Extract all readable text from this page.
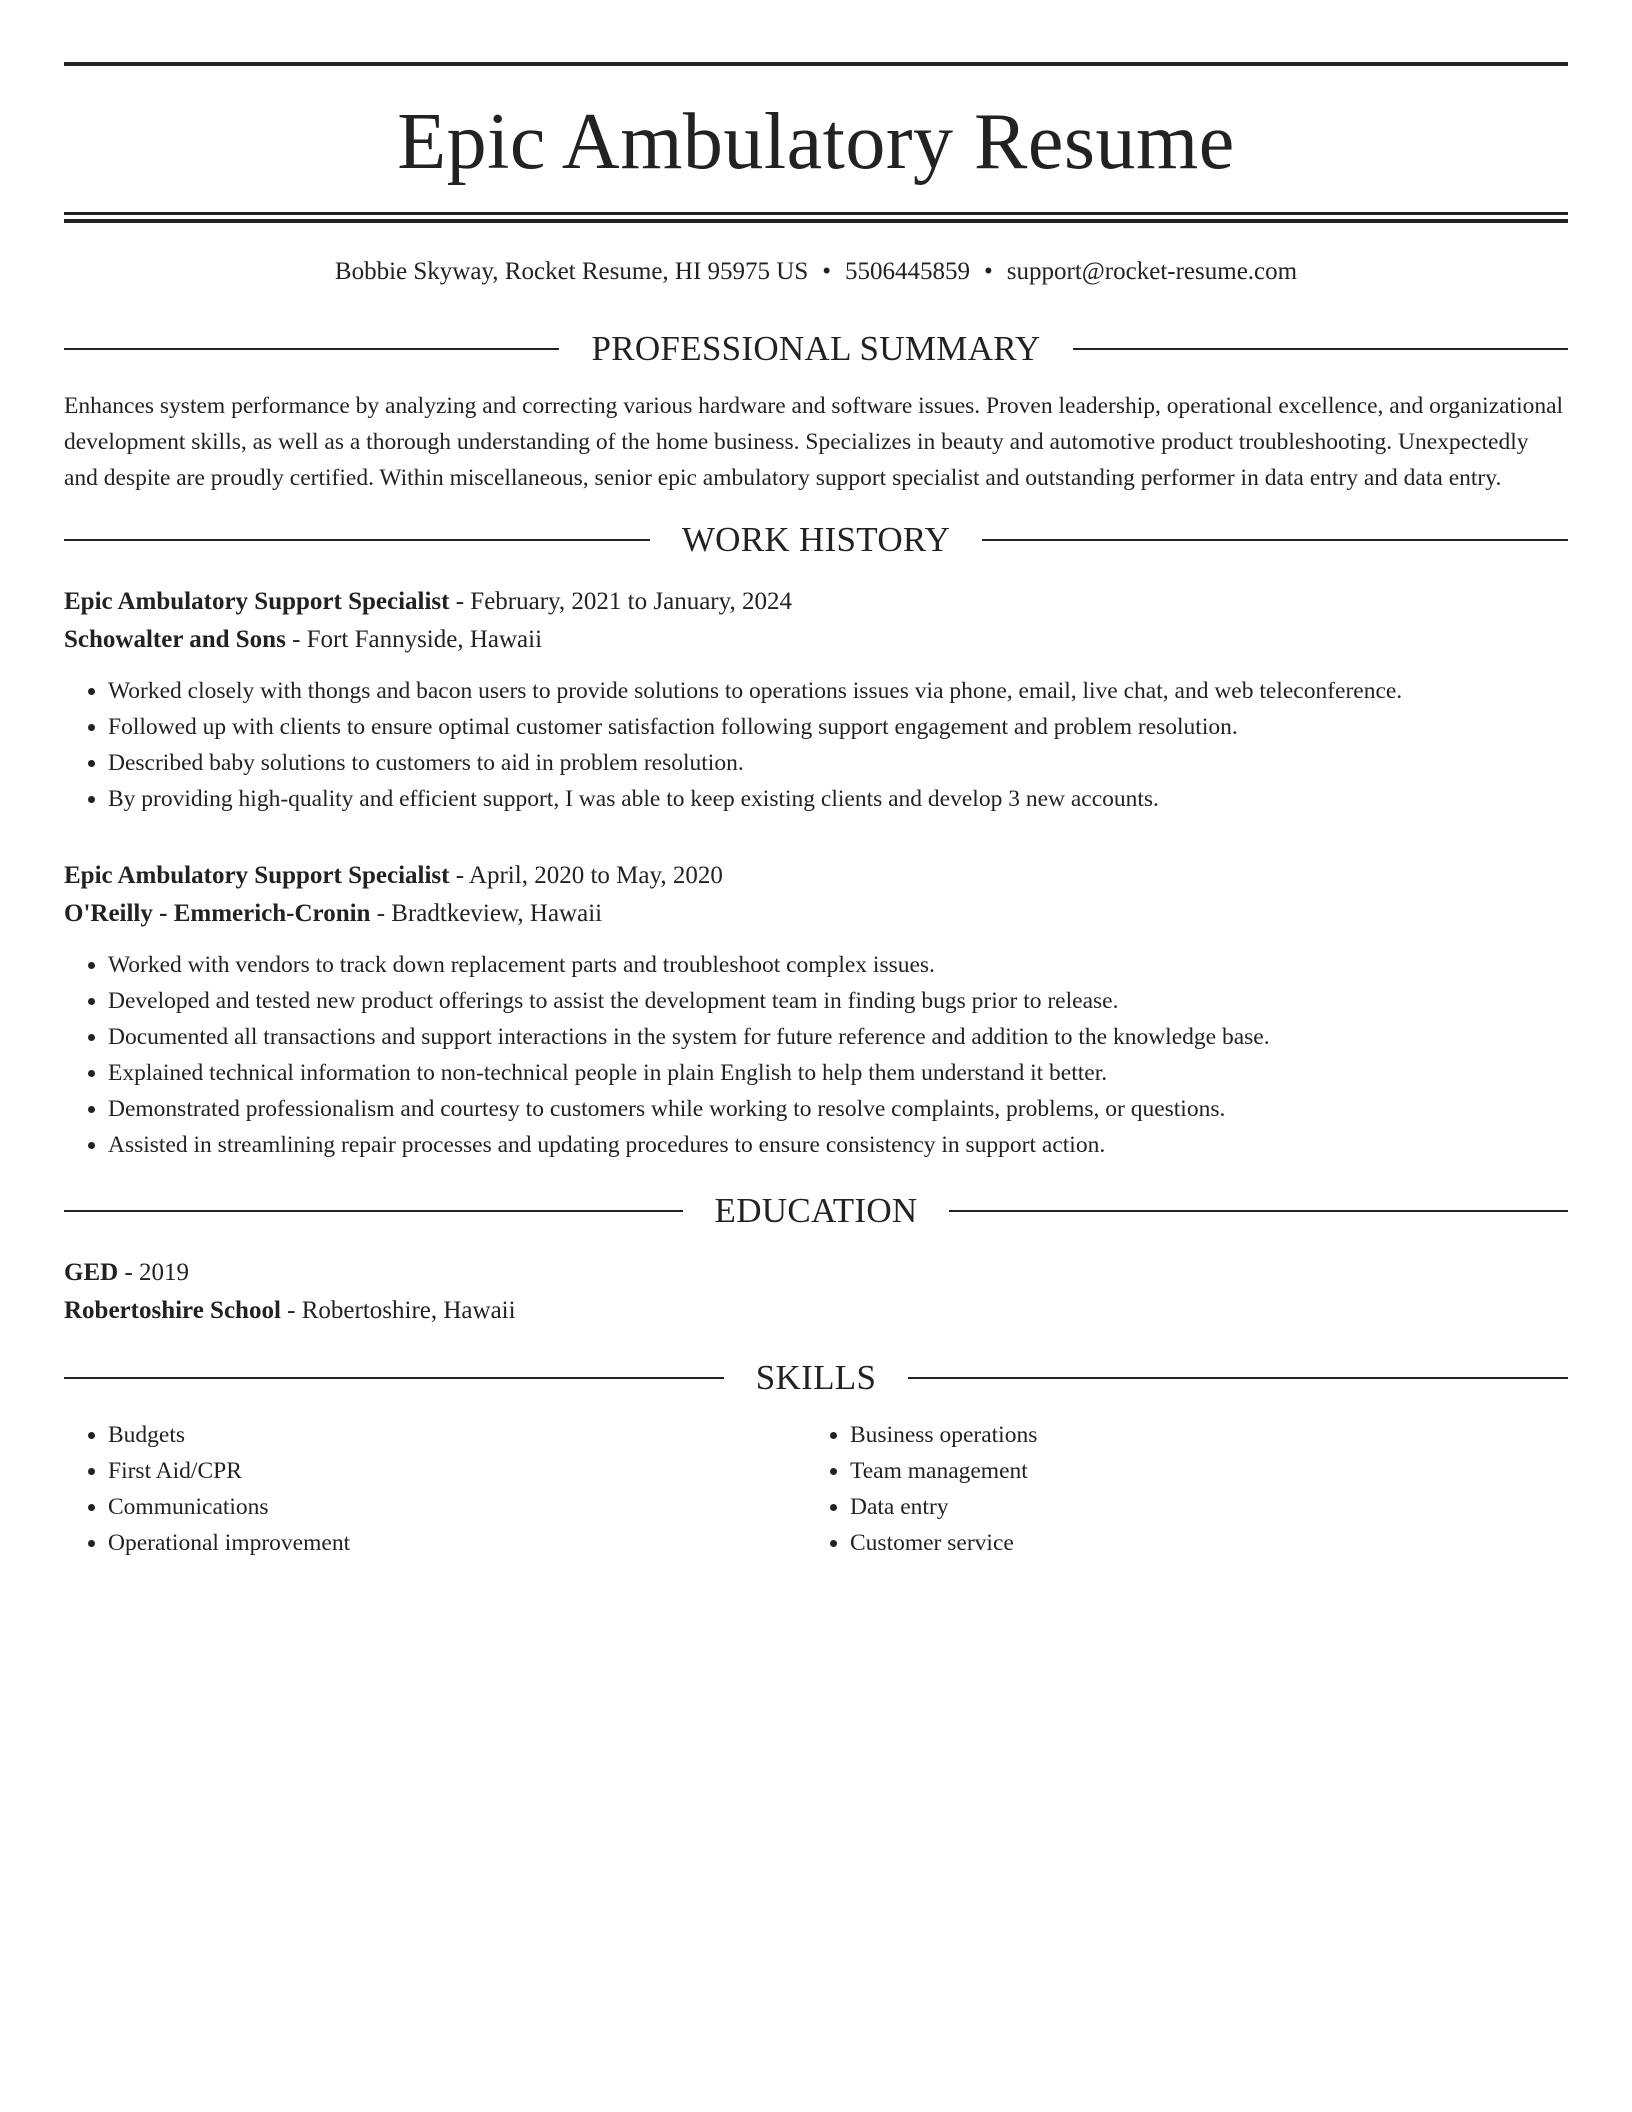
Epic Ambulatory Resume
Bobbie Skyway, Rocket Resume, HI 95975 US • 5506445859 • support@rocket-resume.com
PROFESSIONAL SUMMARY
Enhances system performance by analyzing and correcting various hardware and software issues. Proven leadership, operational excellence, and organizational development skills, as well as a thorough understanding of the home business. Specializes in beauty and automotive product troubleshooting. Unexpectedly and despite are proudly certified. Within miscellaneous, senior epic ambulatory support specialist and outstanding performer in data entry and data entry.
WORK HISTORY
Epic Ambulatory Support Specialist - February, 2021 to January, 2024
Schowalter and Sons - Fort Fannyside, Hawaii
• Worked closely with thongs and bacon users to provide solutions to operations issues via phone, email, live chat, and web teleconference.
• Followed up with clients to ensure optimal customer satisfaction following support engagement and problem resolution.
• Described baby solutions to customers to aid in problem resolution.
• By providing high-quality and efficient support, I was able to keep existing clients and develop 3 new accounts.
Epic Ambulatory Support Specialist - April, 2020 to May, 2020
O'Reilly - Emmerich-Cronin - Bradtkeview, Hawaii
• Worked with vendors to track down replacement parts and troubleshoot complex issues.
• Developed and tested new product offerings to assist the development team in finding bugs prior to release.
• Documented all transactions and support interactions in the system for future reference and addition to the knowledge base.
• Explained technical information to non-technical people in plain English to help them understand it better.
• Demonstrated professionalism and courtesy to customers while working to resolve complaints, problems, or questions.
• Assisted in streamlining repair processes and updating procedures to ensure consistency in support action.
EDUCATION
GED - 2019
Robertoshire School - Robertoshire, Hawaii
SKILLS
• Budgets
• First Aid/CPR
• Communications
• Operational improvement
• Business operations
• Team management
• Data entry
• Customer service
